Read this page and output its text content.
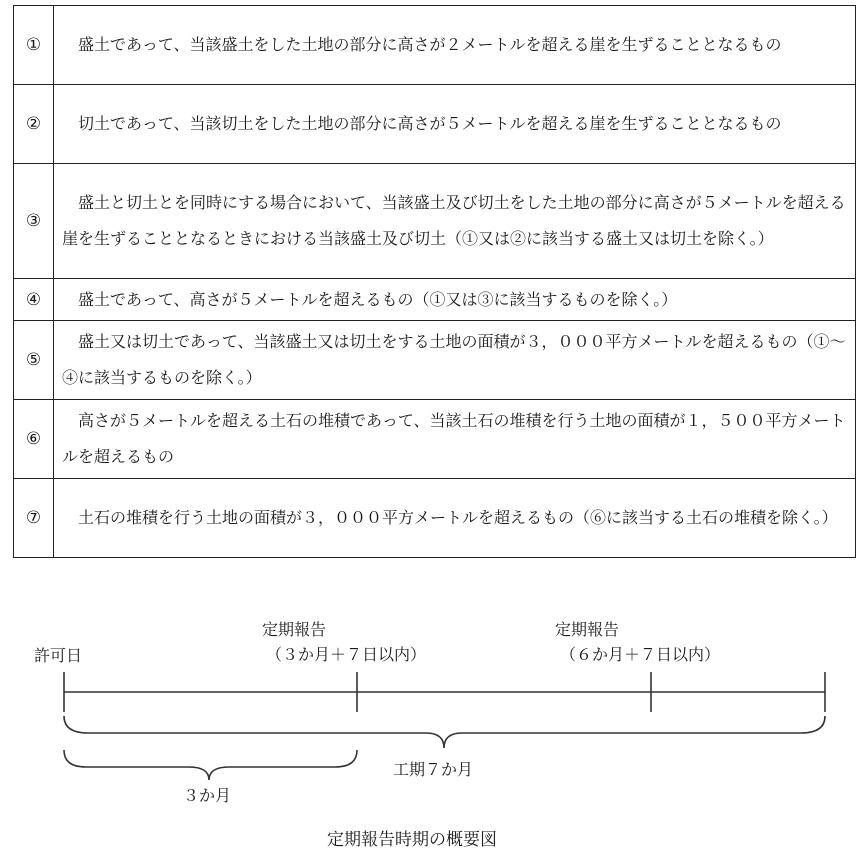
①	盛土であって、当該盛土をした土地の部分に高さが２メートルを超える崖を生ずることとなるもの
②	切土であって、当該切土をした土地の部分に高さが５メートルを超える崖を生ずることとなるもの
③	盛土と切土とを同時にする場合において、当該盛土及び切土をした土地の部分に高さが５メートルを超える崖を生ずることとなるときにおける当該盛土及び切土（①又は②に該当する盛土又は切土を除く。）
④	盛土であって、高さが５メートルを超えるもの（①又は③に該当するものを除く。）
⑤	盛土又は切土であって、当該盛土又は切土をする土地の面積が３，０００平方メートルを超えるもの（①～④に該当するものを除く。）
⑥	高さが５メートルを超える土石の堆積であって、当該土石の堆積を行う土地の面積が１，５００平方メートルを超えるもの
⑦	土石の堆積を行う土地の面積が３，０００平方メートルを超えるもの（⑥に該当する土石の堆積を除く。）
許可日
定期報告
（３か月＋７日以内）
定期報告
（６か月＋７日以内）
工期７か月
３か月
定期報告時期の概要図
